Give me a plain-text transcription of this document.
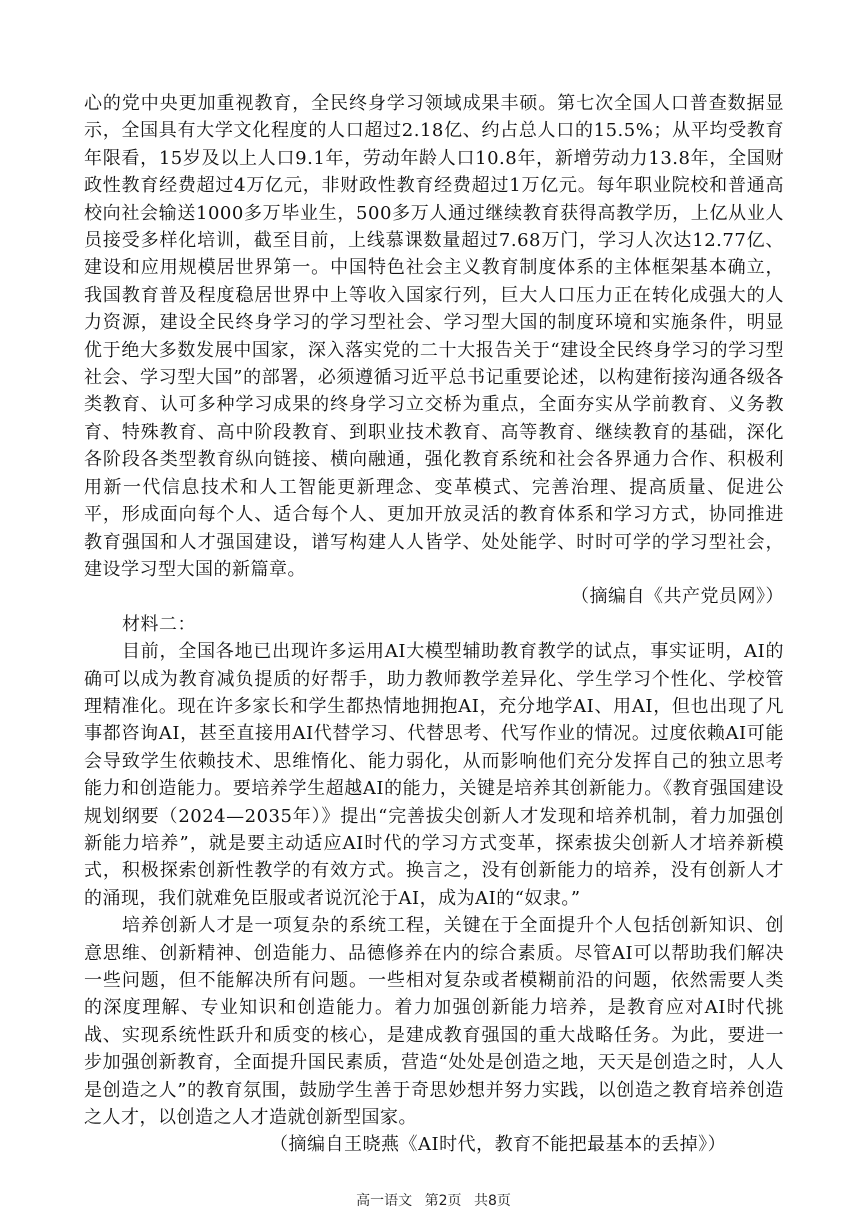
心的党中央更加重视教育，全民终身学习领域成果丰硕。第七次全国人口普查数据显示，全国具有大学文化程度的人口超过2.18亿、约占总人口的15.5%；从平均受教育年限看，15岁及以上人口9.1年，劳动年龄人口10.8年，新增劳动力13.8年，全国财政性教育经费超过4万亿元，非财政性教育经费超过1万亿元。每年职业院校和普通高校向社会输送1000多万毕业生，500多万人通过继续教育获得高教学历，上亿从业人员接受多样化培训，截至目前，上线慕课数量超过7.68万门，学习人次达12.77亿、建设和应用规模居世界第一。中国特色社会主义教育制度体系的主体框架基本确立，我国教育普及程度稳居世界中上等收入国家行列，巨大人口压力正在转化成强大的人力资源，建设全民终身学习的学习型社会、学习型大国的制度环境和实施条件，明显优于绝大多数发展中国家，深入落实党的二十大报告关于“建设全民终身学习的学习型社会、学习型大国”的部署，必须遵循习近平总书记重要论述，以构建衔接沟通各级各类教育、认可多种学习成果的终身学习立交桥为重点，全面夯实从学前教育、义务教育、特殊教育、高中阶段教育、到职业技术教育、高等教育、继续教育的基础，深化各阶段各类型教育纵向链接、横向融通，强化教育系统和社会各界通力合作、积极利用新一代信息技术和人工智能更新理念、变革模式、完善治理、提高质量、促进公平，形成面向每个人、适合每个人、更加开放灵活的教育体系和学习方式，协同推进教育强国和人才强国建设，谱写构建人人皆学、处处能学、时时可学的学习型社会，建设学习型大国的新篇章。

（摘编自《共产党员网》）

材料二：

目前，全国各地已出现许多运用AI大模型辅助教育教学的试点，事实证明，AI的确可以成为教育减负提质的好帮手，助力教师教学差异化、学生学习个性化、学校管理精准化。现在许多家长和学生都热情地拥抱AI，充分地学AI、用AI，但也出现了凡事都咨询AI，甚至直接用AI代替学习、代替思考、代写作业的情况。过度依赖AI可能会导致学生依赖技术、思维惰化、能力弱化，从而影响他们充分发挥自己的独立思考能力和创造能力。要培养学生超越AI的能力，关键是培养其创新能力。《教育强国建设规划纲要（2024—2035年）》提出“完善拔尖创新人才发现和培养机制，着力加强创新能力培养”，就是要主动适应AI时代的学习方式变革，探索拔尖创新人才培养新模式，积极探索创新性教学的有效方式。换言之，没有创新能力的培养，没有创新人才的涌现，我们就难免臣服或者说沉沦于AI，成为AI的“奴隶。”

培养创新人才是一项复杂的系统工程，关键在于全面提升个人包括创新知识、创意思维、创新精神、创造能力、品德修养在内的综合素质。尽管AI可以帮助我们解决一些问题，但不能解决所有问题。一些相对复杂或者模糊前沿的问题，依然需要人类的深度理解、专业知识和创造能力。着力加强创新能力培养，是教育应对AI时代挑战、实现系统性跃升和质变的核心，是建成教育强国的重大战略任务。为此，要进一步加强创新教育，全面提升国民素质，营造“处处是创造之地，天天是创造之时，人人是创造之人”的教育氛围，鼓励学生善于奇思妙想并努力实践，以创造之教育培养创造之人才，以创造之人才造就创新型国家。

（摘编自王晓燕《AI时代，教育不能把最基本的丢掉》）

高一语文 第2页 共8页
